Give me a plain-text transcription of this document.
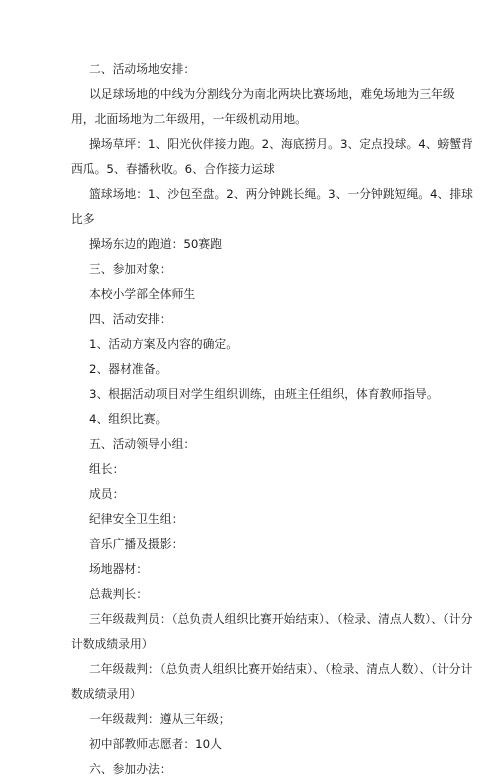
二、活动场地安排：
以足球场地的中线为分割线分为南北两块比赛场地，难免场地为三年级
用，北面场地为二年级用，一年级机动用地。
操场草坪：1、阳光伙伴接力跑。2、海底捞月。3、定点投球。4、螃蟹背
西瓜。5、春播秋收。6、合作接力运球
篮球场地：1、沙包至盘。2、两分钟跳长绳。3、一分钟跳短绳。4、排球
比多
操场东边的跑道：50赛跑
三、参加对象：
本校小学部全体师生
四、活动安排：
1、活动方案及内容的确定。
2、器材准备。
3、根据活动项目对学生组织训练，由班主任组织，体育教师指导。
4、组织比赛。
五、活动领导小组：
组长：
成员：
纪律安全卫生组：
音乐广播及摄影：
场地器材：
总裁判长：
三年级裁判员：（总负责人组织比赛开始结束）、（检录、清点人数）、（计分
计数成绩录用）
二年级裁判：（总负责人组织比赛开始结束）、（检录、清点人数）、（计分计
数成绩录用）
一年级裁判：遵从三年级；
初中部教师志愿者：10人
六、参加办法：
